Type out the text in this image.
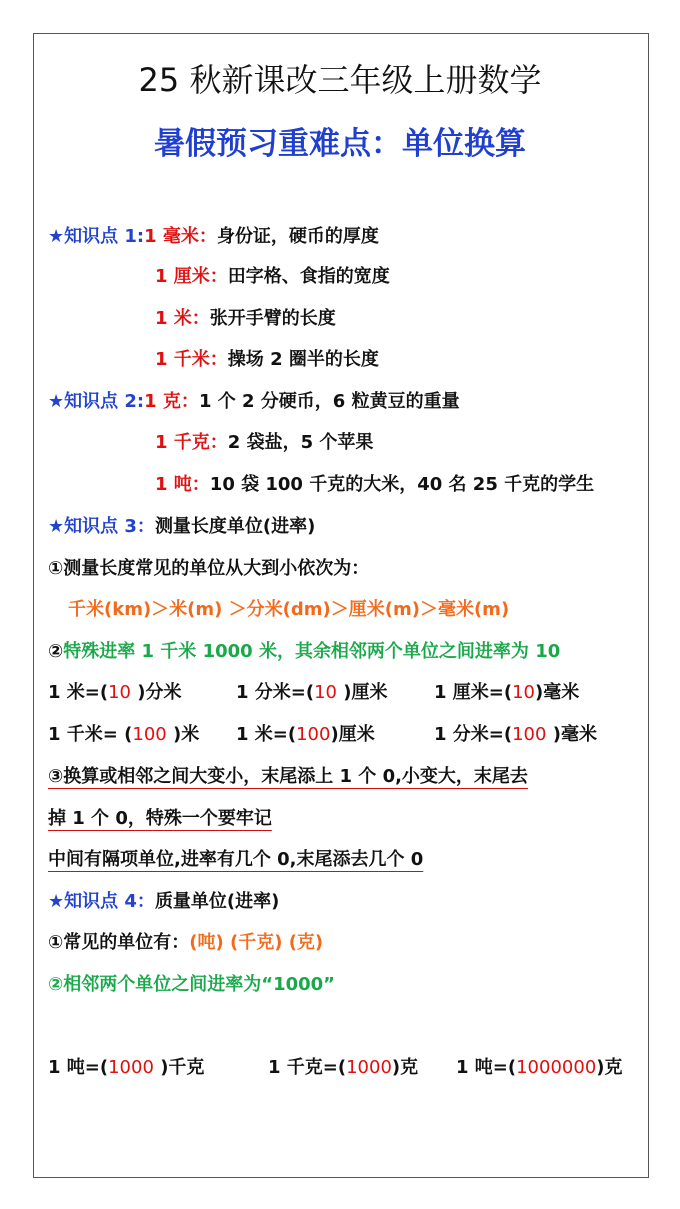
25 秋新课改三年级上册数学
暑假预习重难点：单位换算
★知识点 1:1 毫米：身份证，硬币的厚度
1 厘米：田字格、食指的宽度
1 米：张开手臂的长度
1 千米：操场 2 圈半的长度
★知识点 2:1 克：1 个 2 分硬币，6 粒黄豆的重量
1 千克：2 袋盐，5 个苹果
1 吨：10 袋 100 千克的大米，40 名 25 千克的学生
★知识点 3：测量长度单位(进率)
①测量长度常见的单位从大到小依次为：
千米(km)＞米(m) ＞分米(dm)＞厘米(m)＞毫米(m)
②特殊进率 1 千米 1000 米，其余相邻两个单位之间进率为 10
1 米=(10 )分米	1 分米=(10 )厘米	1 厘米=(10)毫米
1 千米= (100 )米 1 米=(100)厘米	1 分米=(100 )毫米
③换算或相邻之间大变小，末尾添上 1 个 0,小变大，末尾去
掉 1 个 0，特殊一个要牢记
中间有隔项单位,进率有几个 0,末尾添去几个 0
★知识点 4：质量单位(进率)
①常见的单位有：(吨) (千克) (克)
②相邻两个单位之间进率为“1000”
1 吨=(1000 )千克	1 千克=(1000)克 1 吨=(1000000)克
